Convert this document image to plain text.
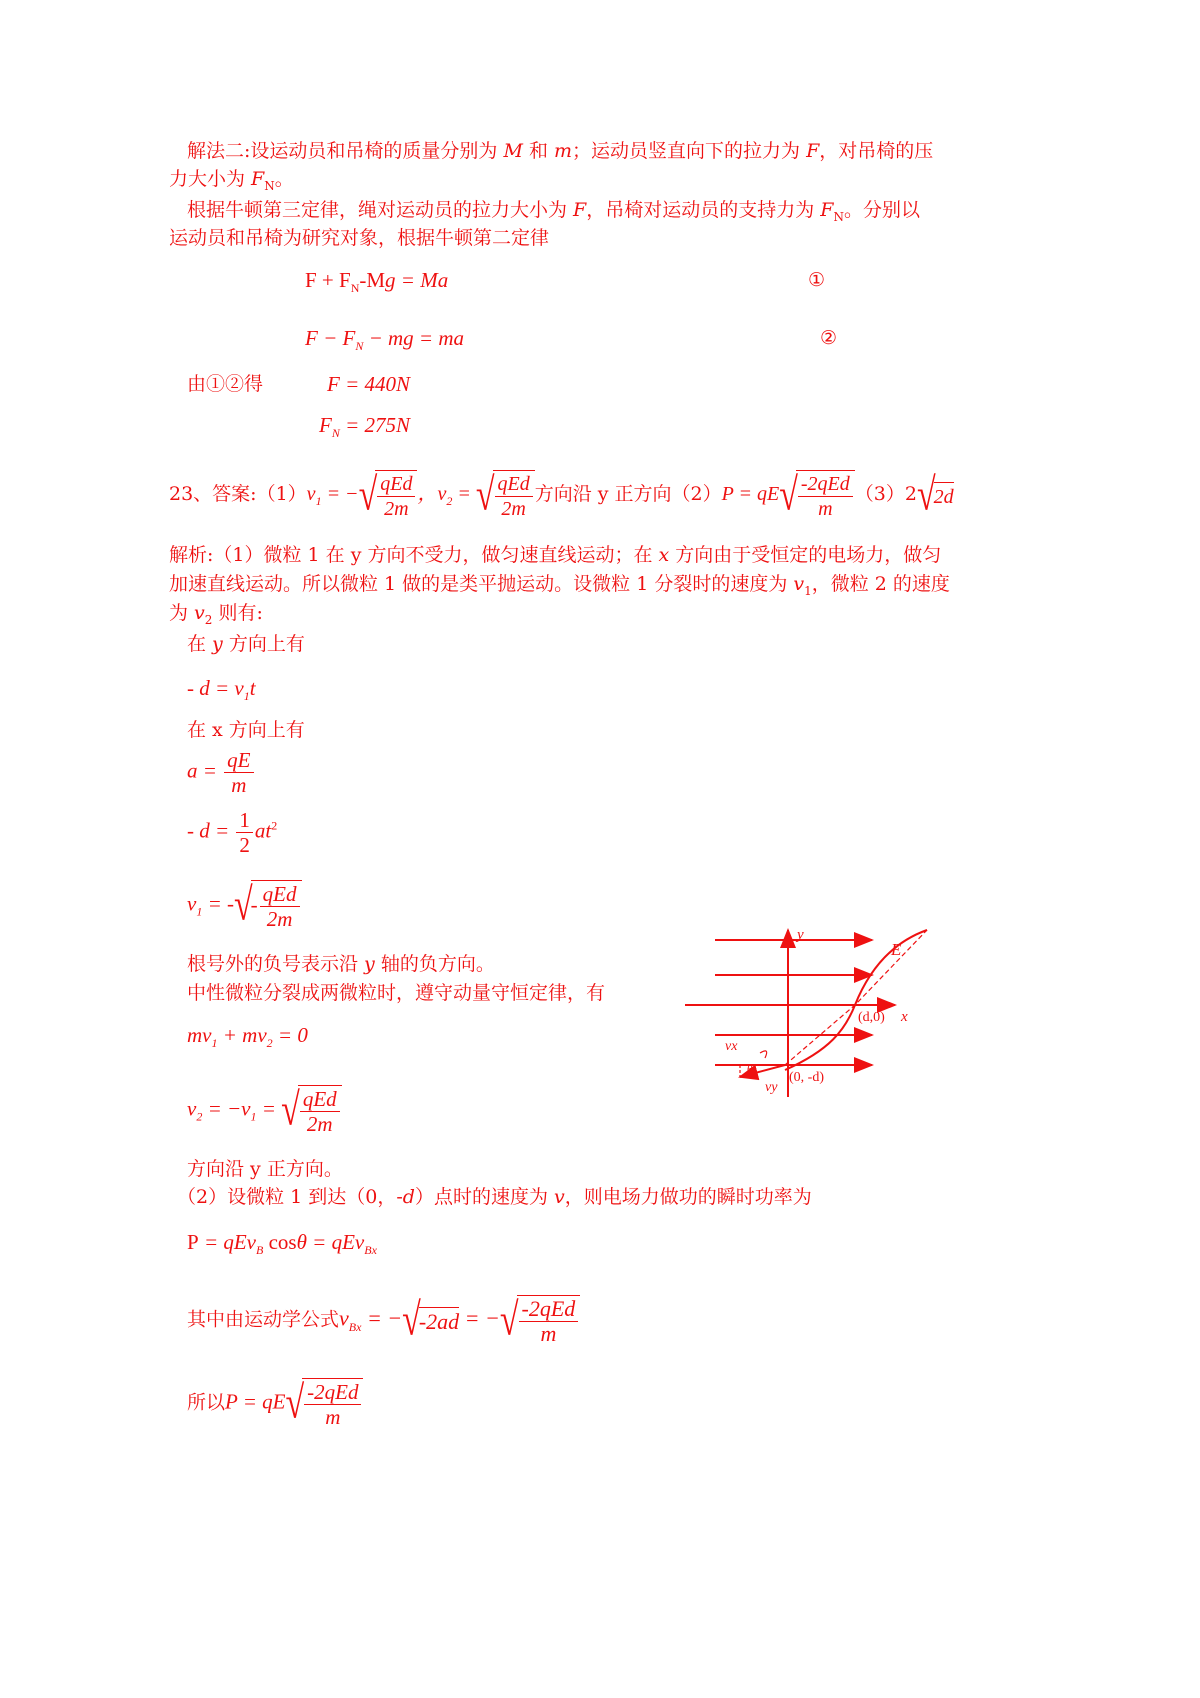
解法二:设运动员和吊椅的质量分别为 M 和 m；运动员竖直向下的拉力为 F，对吊椅的压
力大小为 $F_N$。
根据牛顿第三定律，绳对运动员的拉力大小为 F，吊椅对运动员的支持力为 $F_N$。分别以
运动员和吊椅为研究对象，根据牛顿第二定律
$F + F_N-Mg = Ma$	①
$F - F_N$ − mg = ma	②
由①②得	F = 440N
$F_N = 275N$
23、答案$:(1)v_1$ = −√ $\frac{\text{qEd}}{2m}$ ，$v_2$ = √ $\frac{\text{qEd}}{2m}$ 方向沿 y 正方向$(2)P = qE√ \frac{\text{-2qEd}}{m} (3)2√2d$
解析:（1）微粒 1 在 y 方向不受力，做匀速直线运动；在 x 方向由于受恒定的电场力，做匀
加速直线运动。所以微粒 1 做的是类平抛运动。设微粒 1 分裂时的速度为 $v_1$，微粒 2 的速度
为 $v_2$ 则有:
在 y 方向上有
- $d = v_1t$
在 x 方向上有
$a = \frac{qE}{m}$
- $d = \frac{1}{2} at^2$
$v_1$ = -√- $\frac{\text{qEd}}{2m}$
根号外的负号表示沿 y 轴的负方向。
中性微粒分裂成两微粒时，遵守动量守恒定律，有
$mv_1 + mv_2 = 0$
$v_2 = -v_1$ = √ $\frac{\text{qEd}}{2m}$
方向沿 y 正方向。
（2）设微粒 1 到达（0，-d）点时的速度为 v，则电场力做功的瞬时功率为
P = qEv$_B$ cosθ = qEv$_{Bx}$
其中由运动学公式$v_{Bx} = -√-2ad$ = −√ $\frac{\text{-2qEd}}{m}$
所以$P = qE√ \frac{\text{-2qEd}}{m}$
y
x
E
vx
θ
vy
(d,0)
(0, -d)
